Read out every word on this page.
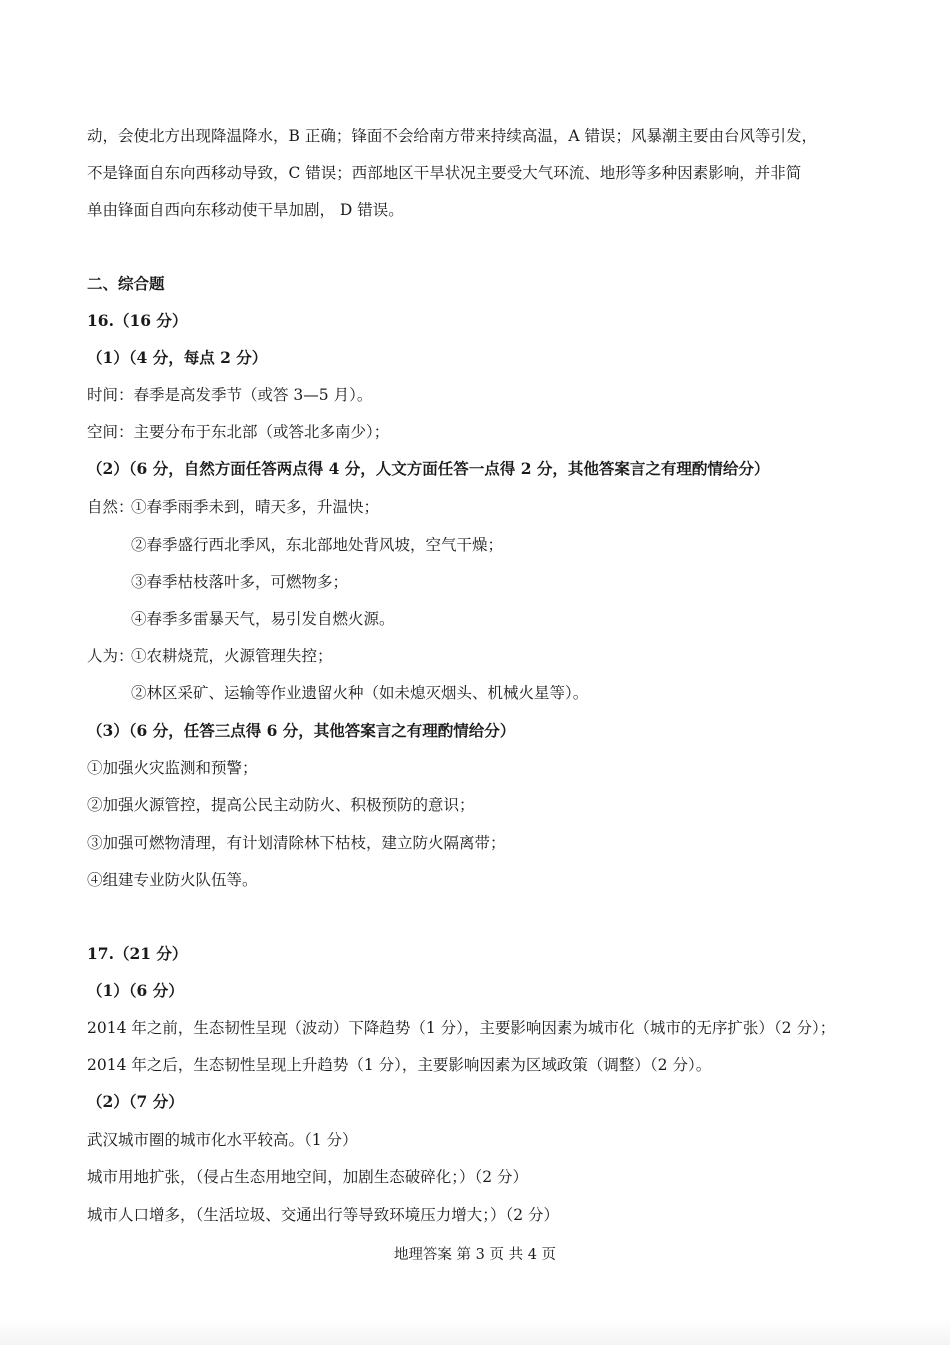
动，会使北方出现降温降水，B 正确；锋面不会给南方带来持续高温，A 错误；风暴潮主要由台风等引发，
不是锋面自东向西移动导致，C 错误；西部地区干旱状况主要受大气环流、地形等多种因素影响，并非简
单由锋面自西向东移动使干旱加剧， D 错误。
二、综合题
16.（16 分）
（1）（4 分，每点 2 分）
时间：春季是高发季节（或答 3—5 月）。
空间：主要分布于东北部（或答北多南少）；
（2）（6 分，自然方面任答两点得 4 分，人文方面任答一点得 2 分，其他答案言之有理酌情给分）
自然：
①春季雨季未到，晴天多，升温快；
②春季盛行西北季风，东北部地处背风坡，空气干燥；
③春季枯枝落叶多，可燃物多；
④春季多雷暴天气，易引发自燃火源。
人为：
①农耕烧荒，火源管理失控；
②林区采矿、运输等作业遗留火种（如未熄灭烟头、机械火星等）。
（3）（6 分，任答三点得 6 分，其他答案言之有理酌情给分）
①加强火灾监测和预警；
②加强火源管控，提高公民主动防火、积极预防的意识；
③加强可燃物清理，有计划清除林下枯枝，建立防火隔离带；
④组建专业防火队伍等。
17.（21 分）
（1）（6 分）
2014 年之前，生态韧性呈现（波动）下降趋势（1 分），主要影响因素为城市化（城市的无序扩张）（2 分）；
2014 年之后，生态韧性呈现上升趋势（1 分），主要影响因素为区域政策（调整）（2 分）。
（2）（7 分）
武汉城市圈的城市化水平较高。（1 分）
城市用地扩张，（侵占生态用地空间，加剧生态破碎化；）（2 分）
城市人口增多，（生活垃圾、交通出行等导致环境压力增大；）（2 分）
地理答案 第 3 页 共 4 页
